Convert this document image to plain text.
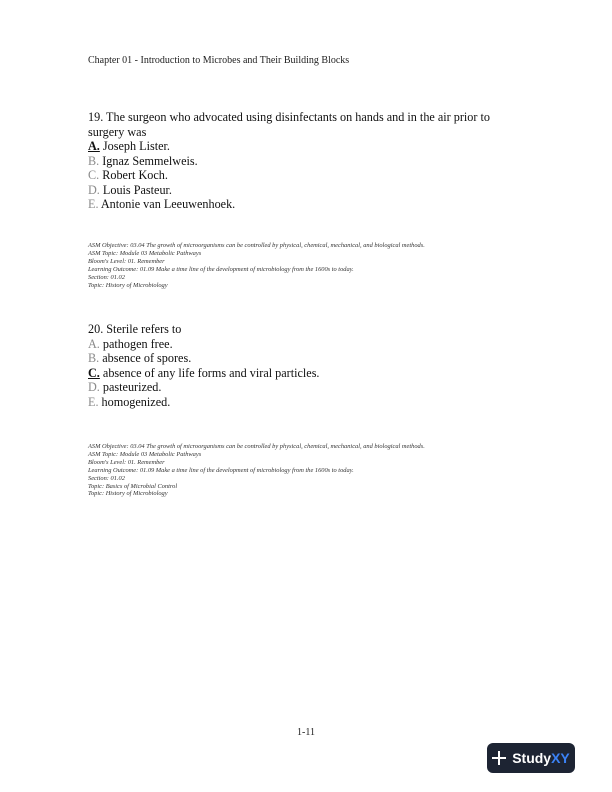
Chapter 01 - Introduction to Microbes and Their Building Blocks
19. The surgeon who advocated using disinfectants on hands and in the air prior to surgery was
A. Joseph Lister.
B. Ignaz Semmelweis.
C. Robert Koch.
D. Louis Pasteur.
E. Antonie van Leeuwenhoek.
ASM Objective: 03.04 The growth of microorganisms can be controlled by physical, chemical, mechanical, and biological methods.
ASM Topic: Module 03 Metabolic Pathways
Bloom's Level: 01. Remember
Learning Outcome: 01.09 Make a time line of the development of microbiology from the 1600s to today.
Section: 01.02
Topic: History of Microbiology
20. Sterile refers to
A. pathogen free.
B. absence of spores.
C. absence of any life forms and viral particles.
D. pasteurized.
E. homogenized.
ASM Objective: 03.04 The growth of microorganisms can be controlled by physical, chemical, mechanical, and biological methods.
ASM Topic: Module 03 Metabolic Pathways
Bloom's Level: 01. Remember
Learning Outcome: 01.09 Make a time line of the development of microbiology from the 1600s to today.
Section: 01.02
Topic: Basics of Microbial Control
Topic: History of Microbiology
1-11
Study XY
